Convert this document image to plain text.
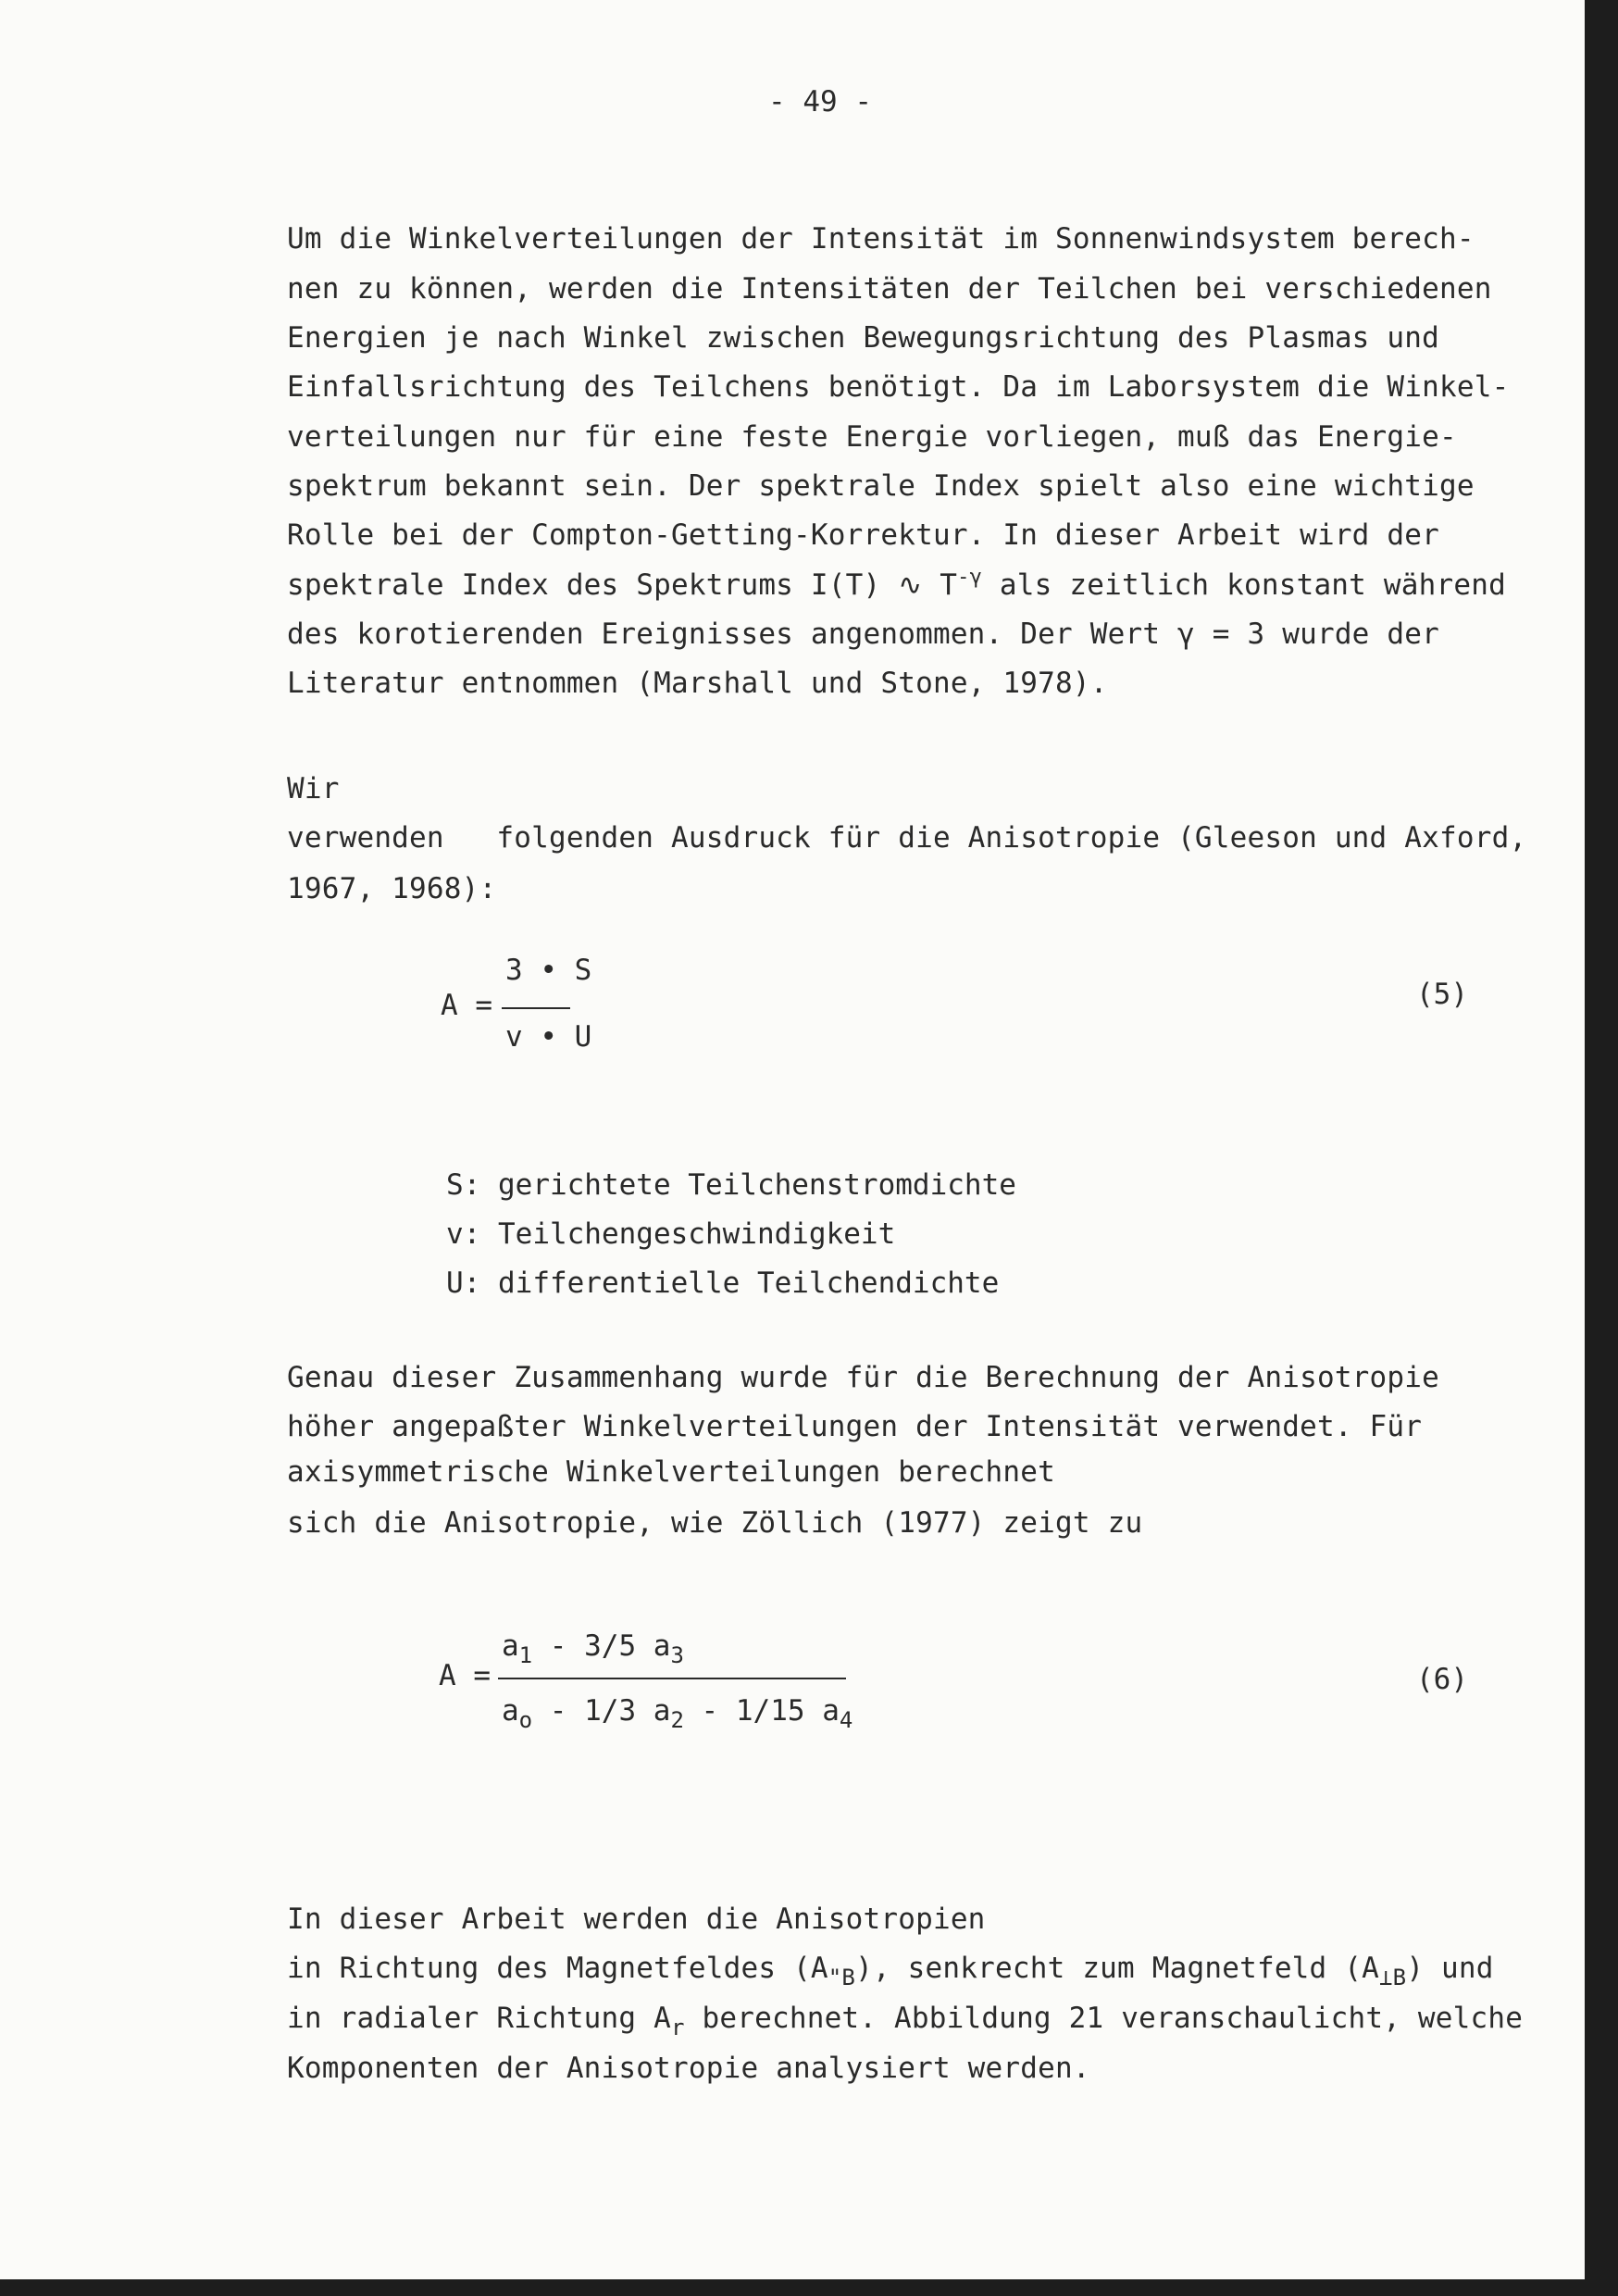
- 49 -
Um die Winkelverteilungen der Intensität im Sonnenwindsystem berech-
nen zu können, werden die Intensitäten der Teilchen bei verschiedenen
Energien je nach Winkel zwischen Bewegungsrichtung des Plasmas und
Einfallsrichtung des Teilchens benötigt. Da im Laborsystem die Winkel-
verteilungen nur für eine feste Energie vorliegen, muß das Energie-
spektrum bekannt sein. Der spektrale Index spielt also eine wichtige
Rolle bei der Compton-Getting-Korrektur. In dieser Arbeit wird der
spektrale Index des Spektrums I(T) ∿ $T^{-\gamma}$ als zeitlich konstant während
des korotierenden Ereignisses angenommen. Der Wert γ = 3 wurde der
Literatur entnommen (Marshall und Stone, 1978).
Wir
verwenden   folgenden Ausdruck für die Anisotropie (Gleeson und Axford,
1967, 1968):
A =
3 • S
v • U
(5)
S: gerichtete Teilchenstromdichte
v: Teilchengeschwindigkeit
U: differentielle Teilchendichte
Genau dieser Zusammenhang wurde für die Berechnung der Anisotropie
höher angepaßter Winkelverteilungen der Intensität verwendet. Für
axisymmetrische Winkelverteilungen berechnet
sich die Anisotropie, wie Zöllich (1977) zeigt zu
A =
$a_1 - 3/5$ $a_3$
$a_o - 1/3$ $a_2 - 1/15$ $a_4$
(6)
In dieser Arbeit werden die Anisotropien
in Richtung des Magnetfeldes $(A_{"B})$, senkrecht zum Magnetfeld $(A_{\perp B})$ und
in radialer Richtung $A_r$ berechnet. Abbildung 21 veranschaulicht, welche
Komponenten der Anisotropie analysiert werden.
